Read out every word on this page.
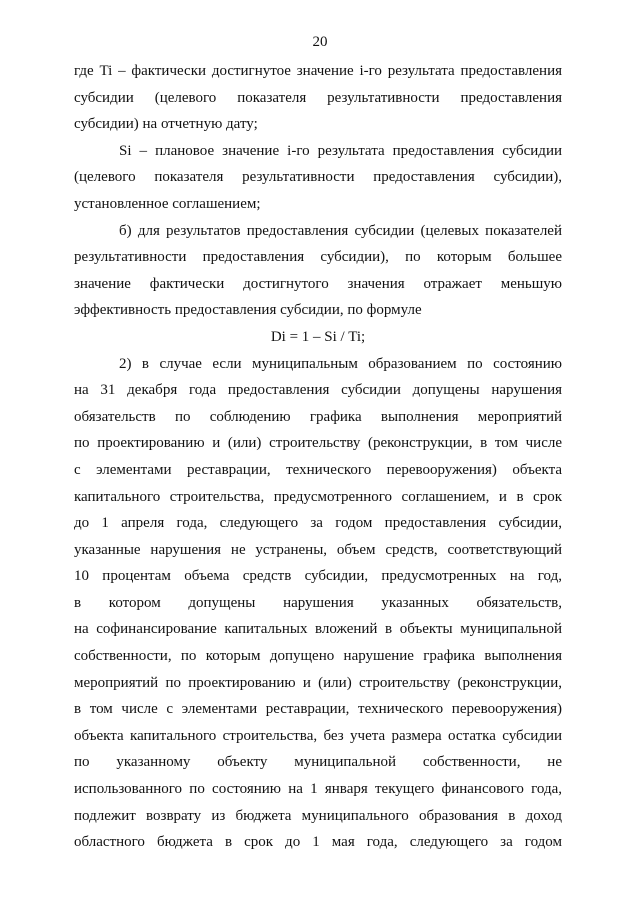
20
где Ti – фактически достигнутое значение i-го результата предоставления
субсидии (целевого показателя результативности предоставления
субсидии) на отчетную дату;
Si – плановое значение i-го результата предоставления субсидии
(целевого показателя результативности предоставления субсидии),
установленное соглашением;
б) для результатов предоставления субсидии (целевых показателей
результативности предоставления субсидии), по которым большее
значение фактически достигнутого значения отражает меньшую
эффективность предоставления субсидии, по формуле
Di = 1 – Si / Ti;
2) в случае если муниципальным образованием по состоянию
на 31 декабря года предоставления субсидии допущены нарушения
обязательств по соблюдению графика выполнения мероприятий
по проектированию и (или) строительству (реконструкции, в том числе
с элементами реставрации, технического перевооружения) объекта
капитального строительства, предусмотренного соглашением, и в срок
до 1 апреля года, следующего за годом предоставления субсидии,
указанные нарушения не устранены, объем средств, соответствующий
10 процентам объема средств субсидии, предусмотренных на год,
в котором допущены нарушения указанных обязательств,
на софинансирование капитальных вложений в объекты муниципальной
собственности, по которым допущено нарушение графика выполнения
мероприятий по проектированию и (или) строительству (реконструкции,
в том числе с элементами реставрации, технического перевооружения)
объекта капитального строительства, без учета размера остатка субсидии
по указанному объекту муниципальной собственности, не
использованного по состоянию на 1 января текущего финансового года,
подлежит возврату из бюджета муниципального образования в доход
областного бюджета в срок до 1 мая года, следующего за годом
